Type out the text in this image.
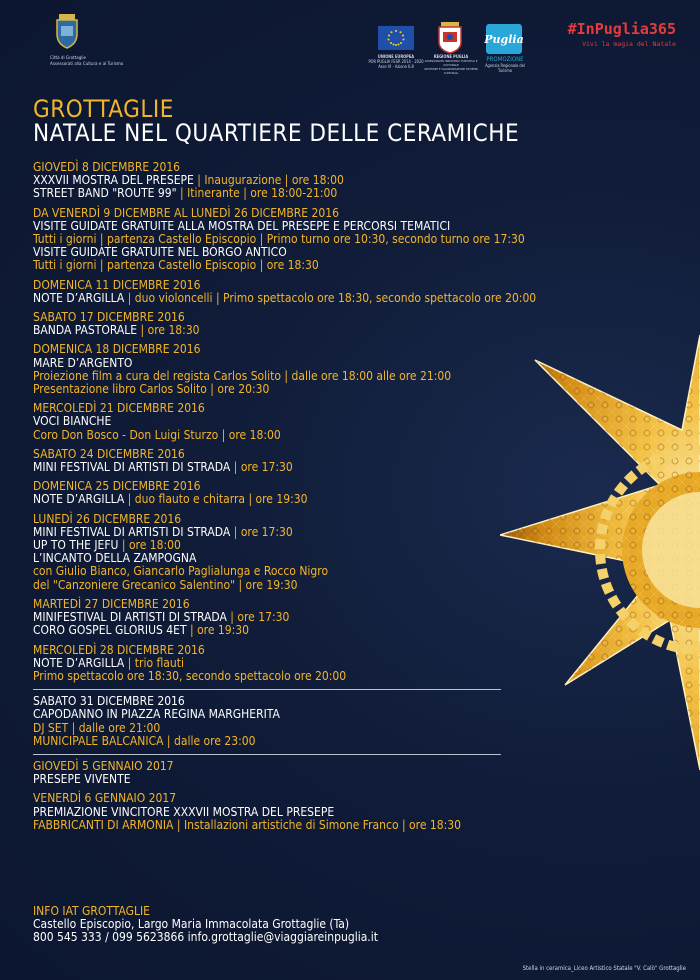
Città di Grottaglie
Assessorati alla Cultura e al Turismo
UNIONE EUROPEA
POR PUGLIA FESR 2014 - 2020
Asse VI - Azione 6.8
REGIONE PUGLIA
ASSESSORATO INDUSTRIA TURISTICA E CULTURALE
GESTIONE E VALORIZZAZIONE DEI BENI CULTURALI
Puglia
PROMOZIONE
Agenzia Regionale del Turismo
#InPuglia365
Vivi la magia del Natale
GROTTAGLIE
NATALE NEL QUARTIERE DELLE CERAMICHE
GIOVEDÌ 8 DICEMBRE 2016
XXXVII MOSTRA DEL PRESEPE | Inaugurazione | ore 18:00
STREET BAND "ROUTE 99" | Itinerante | ore 18:00-21:00
DA VENERDÌ 9 DICEMBRE AL LUNEDÌ 26 DICEMBRE 2016
VISITE GUIDATE GRATUITE ALLA MOSTRA DEL PRESEPE E PERCORSI TEMATICI
Tutti i giorni | partenza Castello Episcopio | Primo turno ore 10:30, secondo turno ore 17:30
VISITE GUIDATE GRATUITE NEL BORGO ANTICO
Tutti i giorni | partenza Castello Episcopio | ore 18:30
DOMENICA 11 DICEMBRE 2016
NOTE D’ARGILLA | duo violoncelli | Primo spettacolo ore 18:30, secondo spettacolo ore 20:00
SABATO 17 DICEMBRE 2016
BANDA PASTORALE | ore 18:30
DOMENICA 18 DICEMBRE 2016
MARE D’ARGENTO
Proiezione film a cura del regista Carlos Solito | dalle ore 18:00 alle ore 21:00
Presentazione libro Carlos Solito | ore 20:30
MERCOLEDÌ 21 DICEMBRE 2016
VOCI BIANCHE
Coro Don Bosco - Don Luigi Sturzo | ore 18:00
SABATO 24 DICEMBRE 2016
MINI FESTIVAL DI ARTISTI DI STRADA | ore 17:30
DOMENICA 25 DICEMBRE 2016
NOTE D’ARGILLA | duo flauto e chitarra | ore 19:30
LUNEDÌ 26 DICEMBRE 2016
MINI FESTIVAL DI ARTISTI DI STRADA | ore 17:30
UP TO THE JEFU | ore 18:00
L’INCANTO DELLA ZAMPOGNA
con Giulio Bianco, Giancarlo Paglialunga e Rocco Nigro
del "Canzoniere Grecanico Salentino" | ore 19:30
MARTEDÌ 27 DICEMBRE 2016
MINIFESTIVAL DI ARTISTI DI STRADA | ore 17:30
CORO GOSPEL GLORIUS 4ET | ore 19:30
MERCOLEDÌ 28 DICEMBRE 2016
NOTE D’ARGILLA | trio flauti
Primo spettacolo ore 18:30, secondo spettacolo ore 20:00
SABATO 31 DICEMBRE 2016
CAPODANNO IN PIAZZA REGINA MARGHERITA
DJ SET | dalle ore 21:00
MUNICIPALE BALCANICA | dalle ore 23:00
GIOVEDÌ 5 GENNAIO 2017
PRESEPE VIVENTE
VENERDÌ 6 GENNAIO 2017
PREMIAZIONE VINCITORE XXXVII MOSTRA DEL PRESEPE
FABBRICANTI DI ARMONIA | Installazioni artistiche di Simone Franco | ore 18:30
INFO IAT GROTTAGLIE
Castello Episcopio, Largo Maria Immacolata Grottaglie (Ta)
800 545 333 / 099 5623866 info.grottaglie@viaggiareinpuglia.it
Stella in ceramica_Liceo Artistico Statale "V. Calò" Grottaglie
